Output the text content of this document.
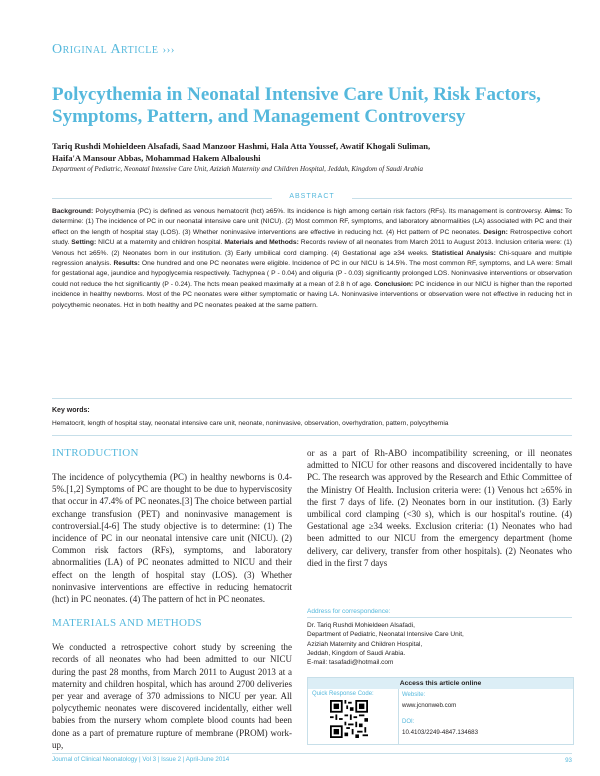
Original Article ›››
Polycythemia in Neonatal Intensive Care Unit, Risk Factors, Symptoms, Pattern, and Management Controversy
Tariq Rushdi Mohieldeen Alsafadi, Saad Manzoor Hashmi, Hala Atta Youssef, Awatif Khogali Suliman,
Haifa'A Mansour Abbas, Mohammad Hakem Albaloushi
Department of Pediatric, Neonatal Intensive Care Unit, Aziziah Maternity and Children Hospital, Jeddah, Kingdom of Saudi Arabia
ABSTRACT
Background: Polycythemia (PC) is defined as venous hematocrit (hct) ≥65%. Its incidence is high among certain risk factors (RFs). Its management is controversy. Aims: To determine: (1) The incidence of PC in our neonatal intensive care unit (NICU). (2) Most common RF, symptoms, and laboratory abnormalities (LA) associated with PC and their effect on the length of hospital stay (LOS). (3) Whether noninvasive interventions are effective in reducing hct. (4) Hct pattern of PC neonates. Design: Retrospective cohort study. Setting: NICU at a maternity and children hospital. Materials and Methods: Records review of all neonates from March 2011 to August 2013. Inclusion criteria were: (1) Venous hct ≥65%. (2) Neonates born in our institution. (3) Early umbilical cord clamping. (4) Gestational age ≥34 weeks. Statistical Analysis: Chi-square and multiple regression analysis. Results: One hundred and one PC neonates were eligible. Incidence of PC in our NICU is 14.5%. The most common RF, symptoms, and LA were: Small for gestational age, jaundice and hypoglycemia respectively. Tachypnea ( P - 0.04) and oliguria (P - 0.03) significantly prolonged LOS. Noninvasive interventions or observation could not reduce the hct significantly (P - 0.24). The hcts mean peaked maximally at a mean of 2.8 h of age. Conclusion: PC incidence in our NICU is higher than the reported incidence in healthy newborns. Most of the PC neonates were either symptomatic or having LA. Noninvasive interventions or observation were not effective in reducing hct in polycythemic neonates. Hct in both healthy and PC neonates peaked at the same pattern.
Key words:
Hematocrit, length of hospital stay, neonatal intensive care unit, neonate, noninvasive, observation, overhydration, pattern, polycythemia
INTRODUCTION

The incidence of polycythemia (PC) in healthy newborns is 0.4-5%.[1,2] Symptoms of PC are thought to be due to hyperviscosity that occur in 47.4% of PC neonates.[3] The choice between partial exchange transfusion (PET) and noninvasive management is controversial.[4-6] The study objective is to determine: (1) The incidence of PC in our neonatal intensive care unit (NICU). (2) Common risk factors (RFs), symptoms, and laboratory abnormalities (LA) of PC neonates admitted to NICU and their effect on the length of hospital stay (LOS). (3) Whether noninvasive interventions are effective in reducing hematocrit (hct) in PC neonates. (4) The pattern of hct in PC neonates.

MATERIALS AND METHODS

We conducted a retrospective cohort study by screening the records of all neonates who had been admitted to our NICU during the past 28 months, from March 2011 to August 2013 at a maternity and children hospital, which has around 2700 deliveries per year and average of 370 admissions to NICU per year. All polycythemic neonates were discovered incidentally, either well babies from the nursery whom complete blood counts had been done as a part of premature rupture of membrane (PROM) work-up,

or as a part of Rh-ABO incompatibility screening, or ill neonates admitted to NICU for other reasons and discovered incidentally to have PC. The research was approved by the Research and Ethic Committee of the Ministry Of Health. Inclusion criteria were: (1) Venous hct ≥65% in the first 7 days of life. (2) Neonates born in our institution. (3) Early umbilical cord clamping (<30 s), which is our hospital's routine. (4) Gestational age ≥34 weeks. Exclusion criteria: (1) Neonates who had been admitted to our NICU from the emergency department (home delivery, car delivery, transfer from other hospitals). (2) Neonates who died in the first 7 days

Address for correspondence:
Dr. Tariq Rushdi Mohieldeen Alsafadi,
Department of Pediatric, Neonatal Intensive Care Unit,
Aziziah Maternity and Children Hospital,
Jeddah, Kingdom of Saudi Arabia.
E-mail: tasafadi@hotmail.com
Access this article online
Quick Response Code:	Website:
www.jcnonweb.com
DOI:
10.4103/2249-4847.134683
Journal of Clinical Neonatology | Vol 3 | Issue 2 | April-June 2014	93
